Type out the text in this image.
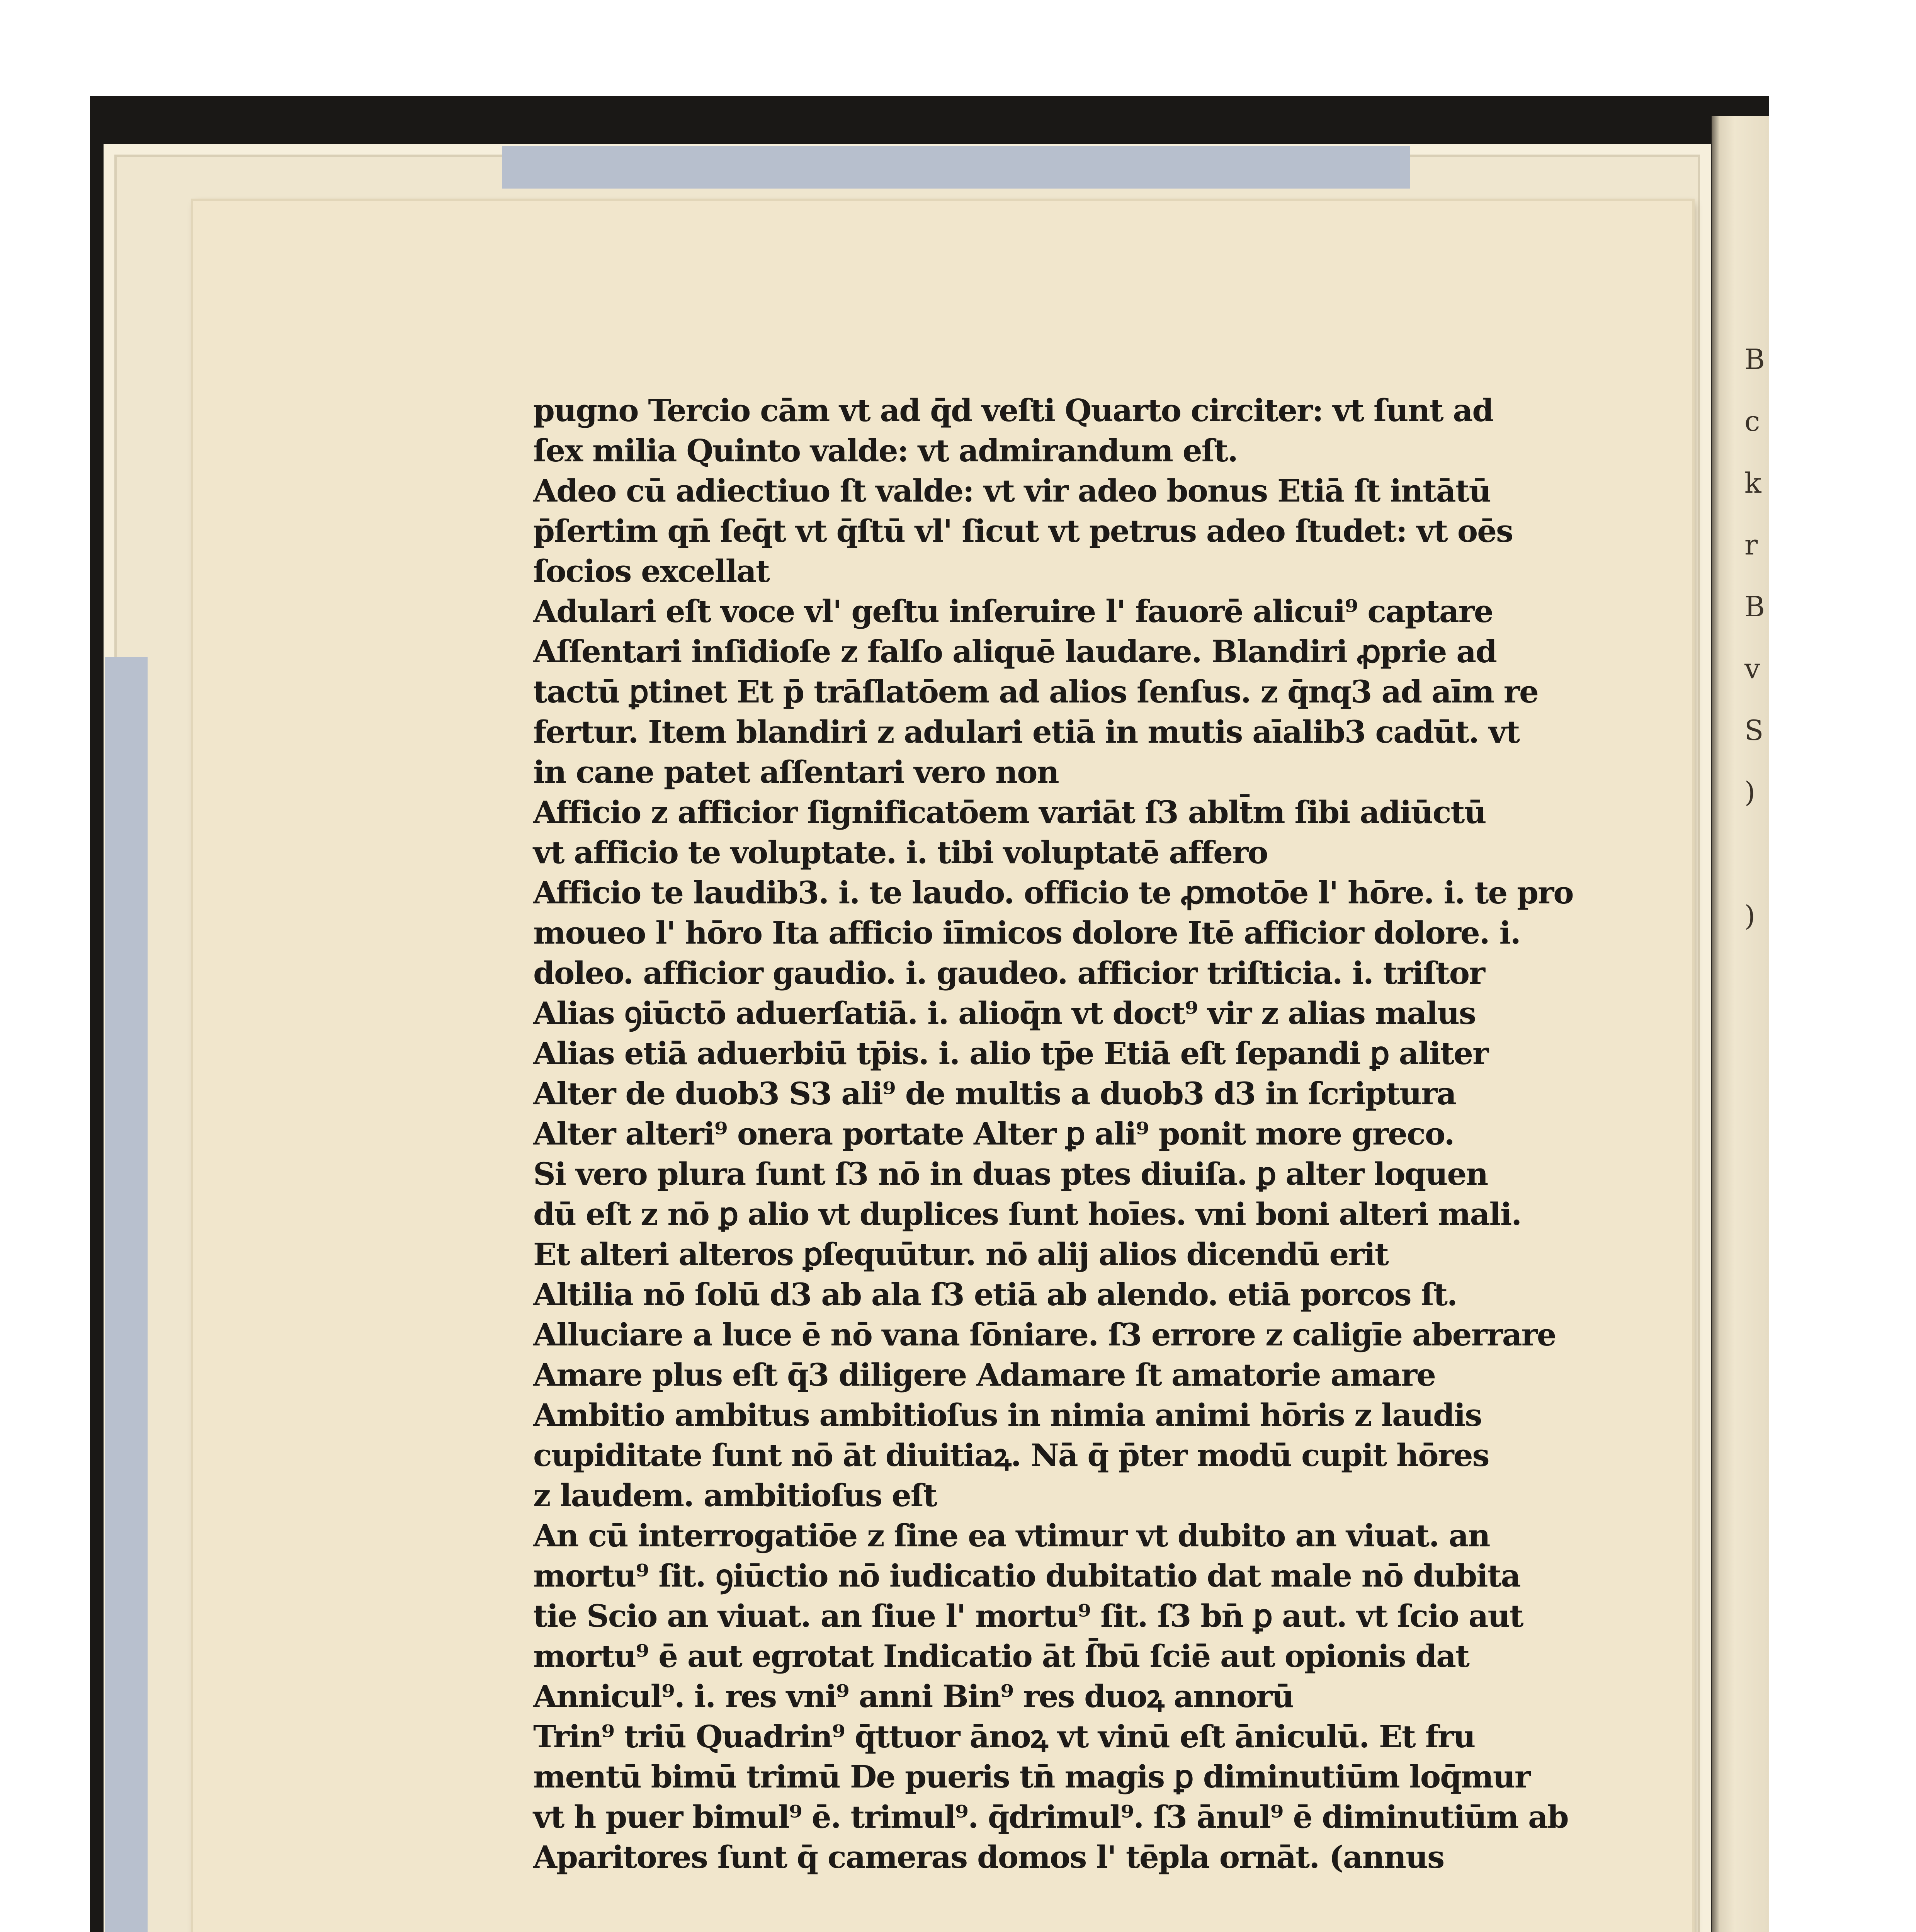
B
c
k
r
B
v
S
)

)
pugno Tercio cām vt ad q̄d veſti Quarto circiter: vt ſunt ad
ſex milia Quinto valde: vt admirandum eſt.
Adeo cū adiectiuo ſt valde: vt vir adeo bonus Etiā ſt intātū
p̄ſertim qn̄ ſeq̄t vt q̄ſtū vl' ſicut vt petrus adeo ſtudet: vt oēs
ſocios excellat
Adulari eſt voce vl' geſtu inſeruire l' fauorē alicui⁹ captare
Aſſentari inſidioſe z falſo aliquē laudare. Blandiri ꝓprie ad
tactū ꝑtinet Et p̄ trāſlatōem ad alios ſenſus. z q̄nq3 ad aīm re
fertur. Item blandiri z adulari etiā in mutis aīalib3 cadūt. vt
in cane patet aſſentari vero non
Afficio z afficior ſignificatōem variāt ſ3 ablt̄m ſibi adiūctū
vt afficio te voluptate. i. tibi voluptatē affero
Afficio te laudib3. i. te laudo. officio te ꝓmotōe l' hōre. i. te pro
moueo l' hōro Ita afficio iīmicos dolore Itē afficior dolore. i.
doleo. afficior gaudio. i. gaudeo. afficior triſticia. i. triſtor
Alias ꝯiūctō aduerſatiā. i. alioq̄n vt doct⁹ vir z alias malus
Alias etiā aduerbiū tp̄is. i. alio tp̄e Etiā eſt ſepandi ꝑ aliter
Alter de duob3 S3 ali⁹ de multis a duob3 d3 in ſcriptura
Alter alteri⁹ onera portate Alter ꝑ ali⁹ ponit more greco.
Si vero plura ſunt ſ3 nō in duas ptes diuiſa. ꝑ alter loquen
dū eſt z nō ꝑ alio vt duplices ſunt hoīes. vni boni alteri mali.
Et alteri alteros ꝑſequūtur. nō alij alios dicendū erit
Altilia nō ſolū d3 ab ala ſ3 etiā ab alendo. etiā porcos ſt.
Alluciare a luce ē nō vana ſōniare. ſ3 errore z caligīe aberrare
Amare plus eſt q̄3 diligere Adamare ſt amatorie amare
Ambitio ambitus ambitioſus in nimia animi hōris z laudis
cupiditate ſunt nō āt diuitiaꝝ. Nā q̄ p̄ter modū cupit hōres
z laudem. ambitioſus eſt
An cū interrogatiōe z ſine ea vtimur vt dubito an viuat. an
mortu⁹ ſit. ꝯiūctio nō iudicatio dubitatio dat male nō dubita
tie Scio an viuat. an ſiue l' mortu⁹ ſit. ſ3 bn̄ ꝑ aut. vt ſcio aut
mortu⁹ ē aut egrotat Indicatio āt ſ̄bū ſciē aut opionis dat
Annicul⁹. i. res vni⁹ anni Bin⁹ res duoꝝ annorū
Trin⁹ triū Quadrin⁹ q̄ttuor ānoꝝ vt vinū eſt āniculū. Et fru
mentū bimū trimū De pueris tn̄ magis ꝑ diminutiūm loq̄mur
vt h puer bimul⁹ ē. trimul⁹. q̄drimul⁹. ſ3 ānul⁹ ē diminutiūm ab
Aparitores ſunt q̄ cameras domos l' tēpla ornāt. (annus
